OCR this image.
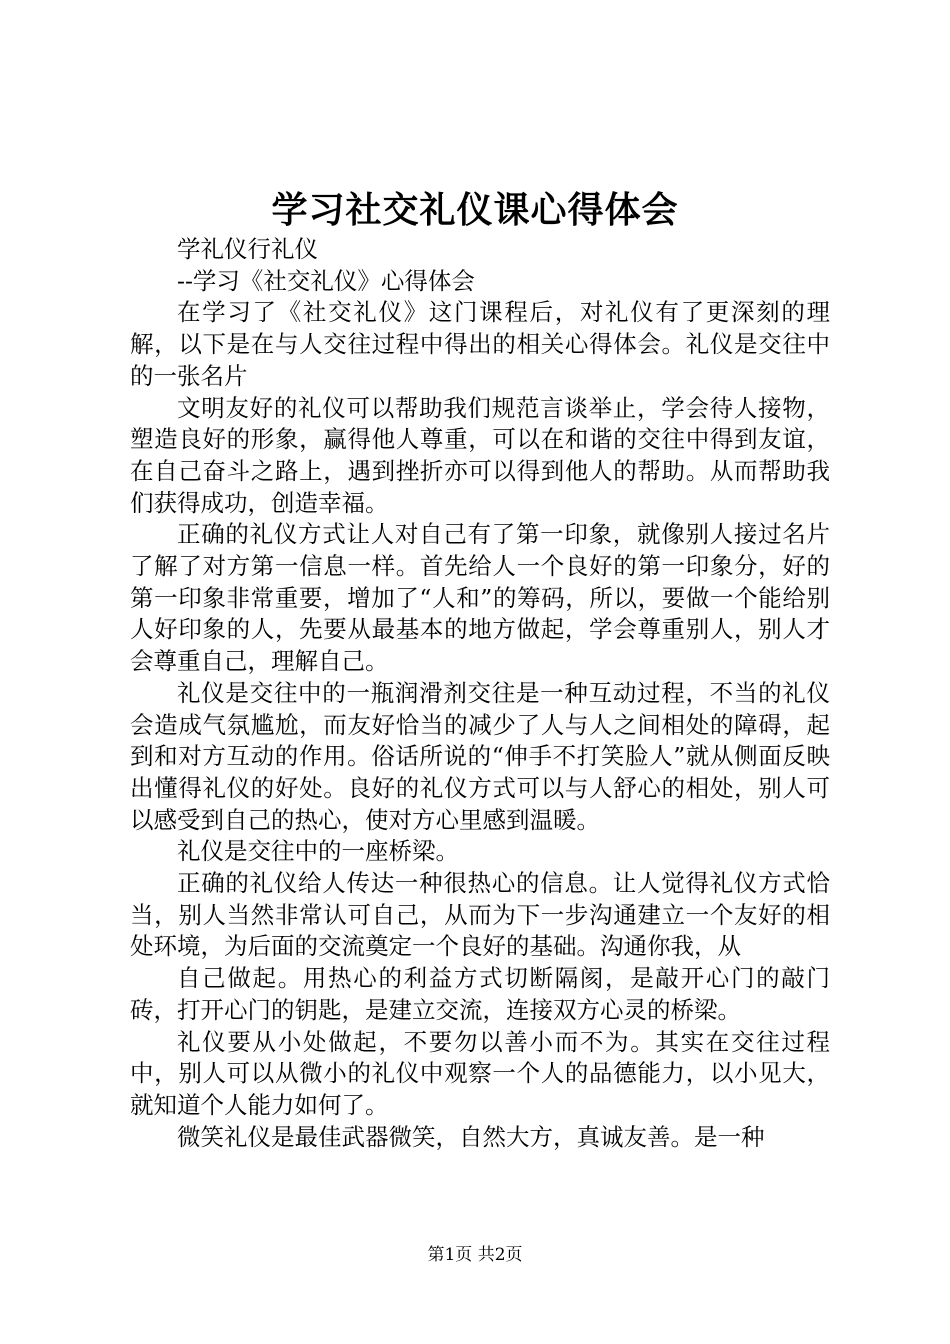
学习社交礼仪课心得体会

学礼仪行礼仪

--学习《社交礼仪》心得体会

在学习了《社交礼仪》这门课程后，对礼仪有了更深刻的理解，以下是在与人交往过程中得出的相关心得体会。礼仪是交往中的一张名片

文明友好的礼仪可以帮助我们规范言谈举止，学会待人接物，塑造良好的形象，赢得他人尊重，可以在和谐的交往中得到友谊，在自己奋斗之路上，遇到挫折亦可以得到他人的帮助。从而帮助我们获得成功，创造幸福。

正确的礼仪方式让人对自己有了第一印象，就像别人接过名片了解了对方第一信息一样。首先给人一个良好的第一印象分，好的第一印象非常重要，增加了“人和”的筹码，所以，要做一个能给别人好印象的人，先要从最基本的地方做起，学会尊重别人，别人才会尊重自己，理解自己。

礼仪是交往中的一瓶润滑剂交往是一种互动过程，不当的礼仪会造成气氛尴尬，而友好恰当的减少了人与人之间相处的障碍，起到和对方互动的作用。俗话所说的“伸手不打笑脸人”就从侧面反映出懂得礼仪的好处。良好的礼仪方式可以与人舒心的相处，别人可以感受到自己的热心，使对方心里感到温暖。

礼仪是交往中的一座桥梁。

正确的礼仪给人传达一种很热心的信息。让人觉得礼仪方式恰当，别人当然非常认可自己，从而为下一步沟通建立一个友好的相处环境，为后面的交流奠定一个良好的基础。沟通你我，从

自己做起。用热心的利益方式切断隔阂，是敲开心门的敲门砖，打开心门的钥匙，是建立交流，连接双方心灵的桥梁。

礼仪要从小处做起，不要勿以善小而不为。其实在交往过程中，别人可以从微小的礼仪中观察一个人的品德能力，以小见大，就知道个人能力如何了。

微笑礼仪是最佳武器微笑，自然大方，真诚友善。是一种

第1页 共2页
